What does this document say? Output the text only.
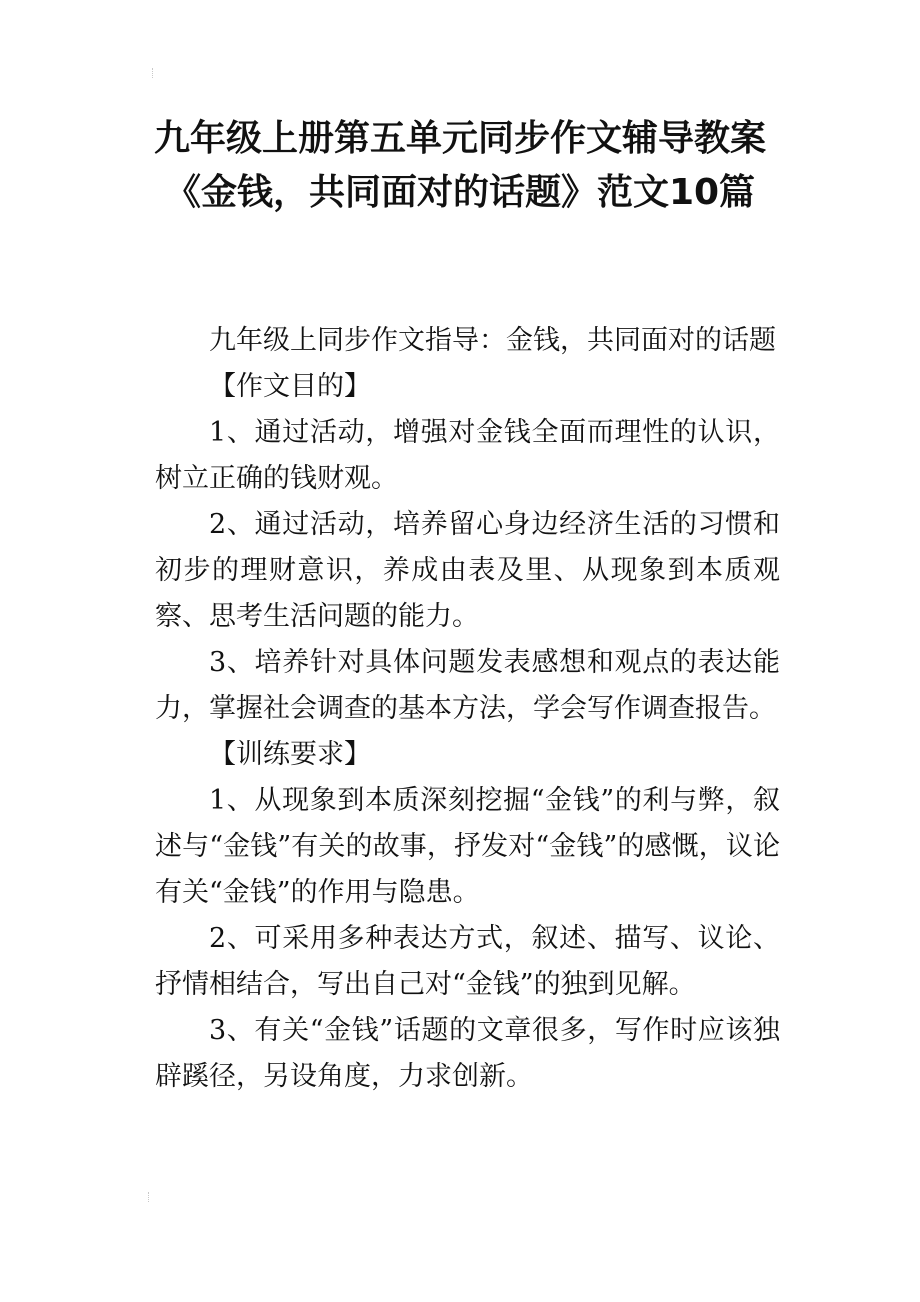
九年级上册第五单元同步作文辅导教案《金钱，共同面对的话题》范文10篇

九年级上同步作文指导：金钱，共同面对的话题

【作文目的】

1、通过活动，增强对金钱全面而理性的认识，树立正确的钱财观。

2、通过活动，培养留心身边经济生活的习惯和初步的理财意识，养成由表及里、从现象到本质观察、思考生活问题的能力。

3、培养针对具体问题发表感想和观点的表达能力，掌握社会调查的基本方法，学会写作调查报告。

【训练要求】

1、从现象到本质深刻挖掘“金钱”的利与弊，叙述与“金钱”有关的故事，抒发对“金钱”的感慨，议论有关“金钱”的作用与隐患。

2、可采用多种表达方式，叙述、描写、议论、抒情相结合，写出自己对“金钱”的独到见解。

3、有关“金钱”话题的文章很多，写作时应该独辟蹊径，另设角度，力求创新。
